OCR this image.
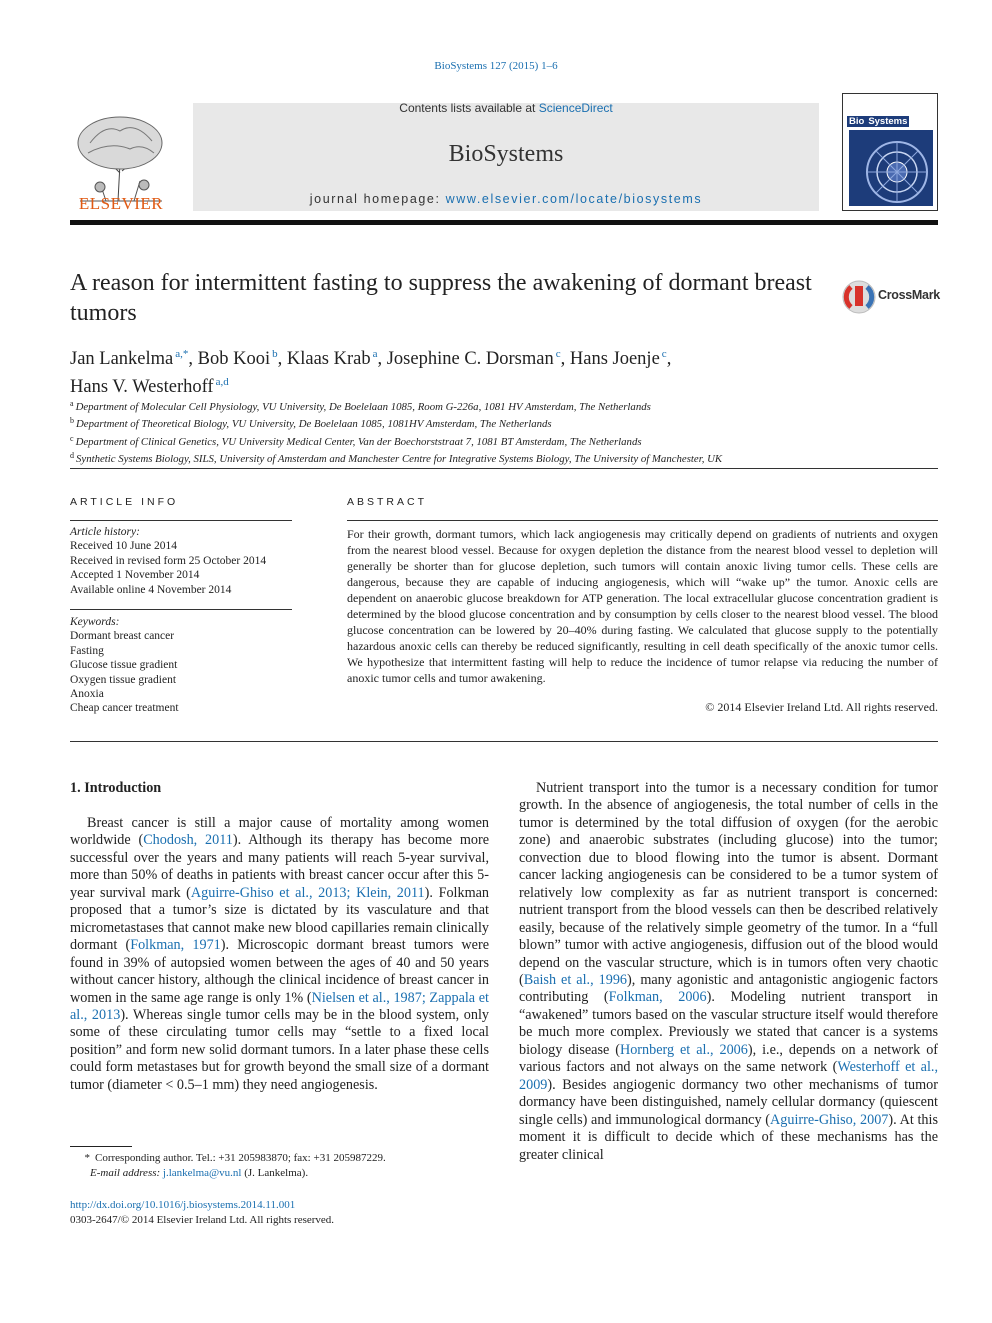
BioSystems 127 (2015) 1–6
ELSEVIER
Contents lists available at ScienceDirect
BioSystems
journal homepage: www.elsevier.com/locate/biosystems
Bio Systems
A reason for intermittent fasting to suppress the awakening of dormant breast tumors
CrossMark
Jan Lankelma $^{a,*}$, Bob Kooi $^b$, Klaas Krab $^a$, Josephine C. Dorsman $^c$, Hans Joenje $^c$,
Hans V. Westerhoff $^{a,d}$
$^a$ Department of Molecular Cell Physiology, VU University, De Boelelaan 1085, Room G-226a, 1081 HV Amsterdam, The Netherlands
$^b$ Department of Theoretical Biology, VU University, De Boelelaan 1085, 1081HV Amsterdam, The Netherlands
$^c$ Department of Clinical Genetics, VU University Medical Center, Van der Boechorststraat 7, 1081 BT Amsterdam, The Netherlands
$^d$ Synthetic Systems Biology, SILS, University of Amsterdam and Manchester Centre for Integrative Systems Biology, The University of Manchester, UK
ARTICLE INFO	ABSTRACT
Article history:
Received 10 June 2014
Received in revised form 25 October 2014
Accepted 1 November 2014
Available online 4 November 2014
Keywords:
Dormant breast cancer
Fasting
Glucose tissue gradient
Oxygen tissue gradient
Anoxia
Cheap cancer treatment
For their growth, dormant tumors, which lack angiogenesis may critically depend on gradients of nutrients and oxygen from the nearest blood vessel. Because for oxygen depletion the distance from the nearest blood vessel to depletion will generally be shorter than for glucose depletion, such tumors will contain anoxic living tumor cells. These cells are dangerous, because they are capable of inducing angiogenesis, which will “wake up” the tumor. Anoxic cells are dependent on anaerobic glucose breakdown for ATP generation. The local extracellular glucose concentration gradient is determined by the blood glucose concentration and by consumption by cells closer to the nearest blood vessel. The blood glucose concentration can be lowered by 20–40% during fasting. We calculated that glucose supply to the potentially hazardous anoxic cells can thereby be reduced significantly, resulting in cell death specifically of the anoxic tumor cells. We hypothesize that intermittent fasting will help to reduce the incidence of tumor relapse via reducing the number of anoxic tumor cells and tumor awakening.
© 2014 Elsevier Ireland Ltd. All rights reserved.
1. Introduction

Breast cancer is still a major cause of mortality among women worldwide (Chodosh, 2011). Although its therapy has become more successful over the years and many patients will reach 5-year survival, more than 50% of deaths in patients with breast cancer occur after this 5-year survival mark (Aguirre-Ghiso et al., 2013; Klein, 2011). Folkman proposed that a tumor’s size is dictated by its vasculature and that micrometastases that cannot make new blood capillaries remain clinically dormant (Folkman, 1971). Microscopic dormant breast tumors were found in 39% of autopsied women between the ages of 40 and 50 years without cancer history, although the clinical incidence of breast cancer in women in the same age range is only 1% (Nielsen et al., 1987; Zappala et al., 2013). Whereas single tumor cells may be in the blood system, only some of these circulating tumor cells may “settle to a fixed local position” and form new solid dormant tumors. In a later phase these cells could form metastases but for growth beyond the small size of a dormant tumor (diameter < 0.5–1 mm) they need angiogenesis.

Nutrient transport into the tumor is a necessary condition for tumor growth. In the absence of angiogenesis, the total number of cells in the tumor is determined by the total diffusion of oxygen (for the aerobic zone) and anaerobic substrates (including glucose) into the tumor; convection due to blood flowing into the tumor is absent. Dormant cancer lacking angiogenesis can be considered to be a tumor system of relatively low complexity as far as nutrient transport is concerned: nutrient transport from the blood vessels can then be described relatively easily, because of the relatively simple geometry of the tumor. In a “full blown” tumor with active angiogenesis, diffusion out of the blood would depend on the vascular structure, which is in tumors often very chaotic (Baish et al., 1996), many agonistic and antagonistic angiogenic factors contributing (Folkman, 2006). Modeling nutrient transport in “awakened” tumors based on the vascular structure itself would therefore be much more complex. Previously we stated that cancer is a systems biology disease (Hornberg et al., 2006), i.e., depends on a network of various factors and not always on the same network (Westerhoff et al., 2009). Besides angiogenic dormancy two other mechanisms of tumor dormancy have been distinguished, namely cellular dormancy (quiescent single cells) and immunological dormancy (Aguirre-Ghiso, 2007). At this moment it is difficult to decide which of these mechanisms has the greater clinical

* Corresponding author. Tel.: +31 205983870; fax: +31 205987229.
E-mail address: j.lankelma@vu.nl (J. Lankelma).
http://dx.doi.org/10.1016/j.biosystems.2014.11.001
0303-2647/© 2014 Elsevier Ireland Ltd. All rights reserved.
